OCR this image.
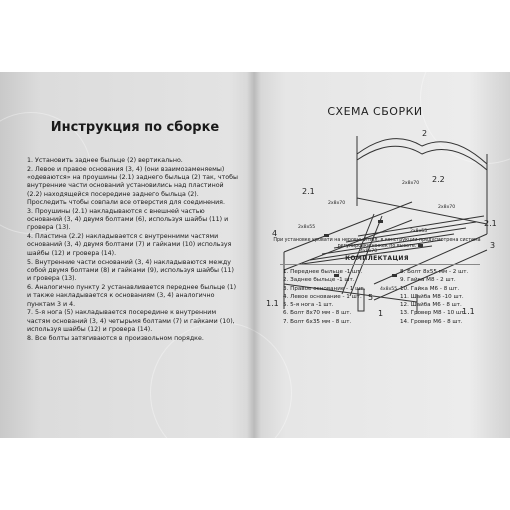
Инструкция по сборке

1. Установить заднее быльце (2) вертикально.

2. Левое и правое основания (3, 4) (они взаимозаменяемы) «одеваются» на проушины (2.1) заднего быльца (2) так, чтобы внутренние части оснований установились над пластиной (2.2) находящейся посередине заднего быльца (2). Проследить чтобы совпали все отверстия для соединения.

3. Проушины (2.1) накладываются с внешней частью оснований (3, 4) двумя болтами (6), используя шайбы (11) и гровера (13).

4. Пластина (2.2) накладывается с внутренними частями оснований (3, 4) двумя болтами (7) и гайками (10) используя шайбы (12) и гровера (14).

5. Внутренние части оснований (3, 4) накладываются между собой двумя болтами (8) и гайками (9), используя шайбы (11) и гровера (13).

6. Аналогично пункту 2 устанавливается переднее быльце (1) и также накладывается к основаниям (3, 4) аналогично пунктам 3 и 4.

7. 5-я нога (5) накладывается посередине к внутренним частям оснований (3, 4) четырьмя болтами (7) и гайками (10), используя шайбы (12) и гровера (14).

8. Все болты затягиваются в произвольном порядке.

СХЕМА СБОРКИ
2
2.1
2.2
2.1
4
3
1.1
5
1	1.1
2x8x70
2x8x70
2x8x70
2x8x55
4x8x70
2x8x55
4x8x55
При установке кровати на неровный пол, в конструкции предусмотрена система регулировки ножек по высоте.
КОМПЛЕКТАЦИЯ
1. Переднее быльце -1 шт.
2. Заднее быльце -1 шт.
3. Правое основание - 1 шт.
4. Левое основание - 1 шт.
5. 5-я нога -1 шт.
6. Болт 8х70 мм - 8 шт.
7. Болт 6х35 мм - 8 шт.
8. Болт 8х55 мм - 2 шт.
9. Гайка М8 - 2 шт.
10. Гайка М6 - 8 шт.
11. Шайба М8 -10 шт.
12. Шайба М6 - 8 шт.
13. Гровер М8 - 10 шт.
14. Гровер М6 - 8 шт.
